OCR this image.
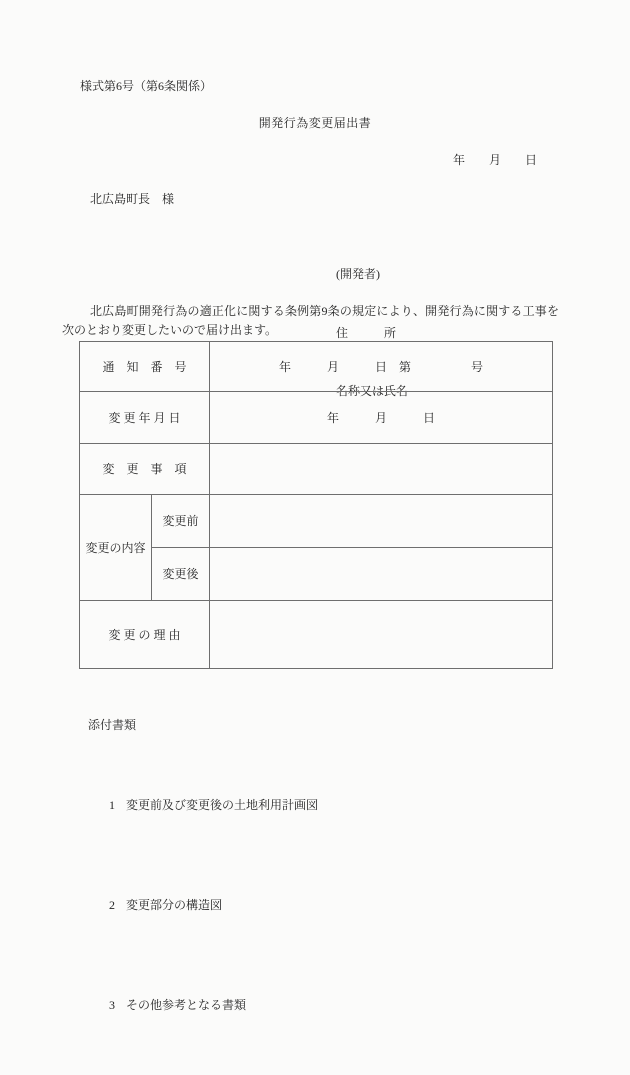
様式第6号（第6条関係）
開発行為変更届出書
年　　月　　日
北広島町長　様

(開発者)

住　　　所

名称又は氏名

北広島町開発行為の適正化に関する条例第9条の規定により、開発行為に関する工事を次のとおり変更したいので届け出ます。

通　知　番　号		年　　　月　　　日　第　　　　　号
変 更 年 月 日		年　　　月　　　日
変　更　事　項		
変更の内容	変更前	
	変更後	
変 更 の 理 由		

添付書類

1 変更前及び変更後の土地利用計画図

2 変更部分の構造図

3 その他参考となる書類
